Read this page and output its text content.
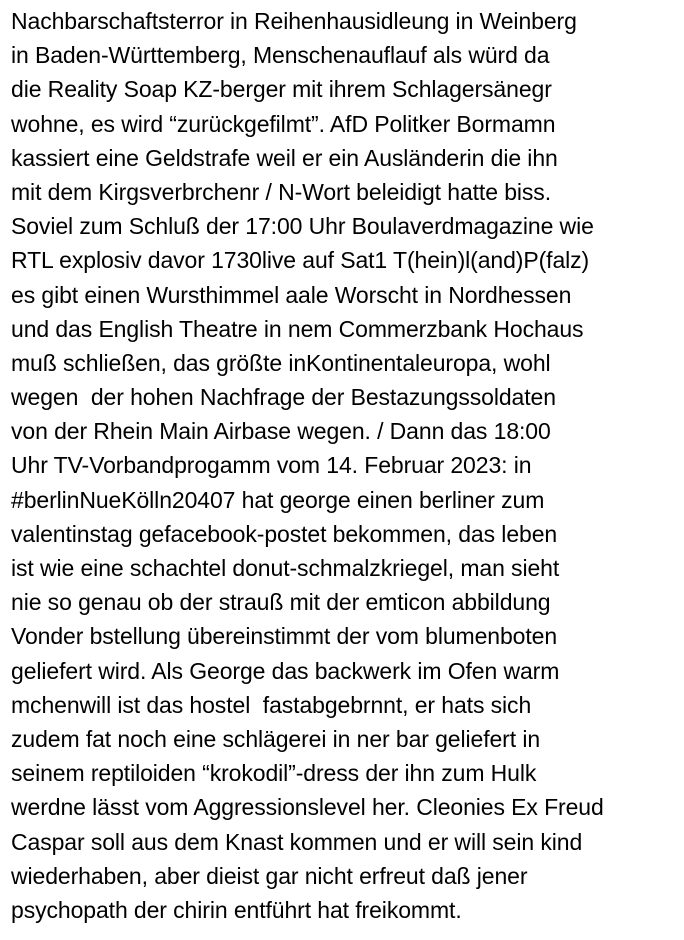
Nachbarschaftsterror in Reihenhausidleung in Weinberg
in Baden-Württemberg, Menschenauflauf als würd da
die Reality Soap KZ-berger mit ihrem Schlagersänegr
wohne, es wird “zurückgefilmt”. AfD Politker Bormamn
kassiert eine Geldstrafe weil er ein Ausländerin die ihn
mit dem Kirgsverbrchenr / N-Wort beleidigt hatte biss.
Soviel zum Schluß der 17:00 Uhr Boulaverdmagazine wie
RTL explosiv davor 1730live auf Sat1 T(hein)l(and)P(falz)
es gibt einen Wursthimmel aale Worscht in Nordhessen
und das English Theatre in nem Commerzbank Hochaus
muß schließen, das größte inKontinentaleuropa, wohl
wegen  der hohen Nachfrage der Bestazungssoldaten
von der Rhein Main Airbase wegen. / Dann das 18:00
Uhr TV-Vorbandprogamm vom 14. Februar 2023: in
#berlinNueKölln20407 hat george einen berliner zum
valentinstag gefacebook-postet bekommen, das leben
ist wie eine schachtel donut-schmalzkriegel, man sieht
nie so genau ob der strauß mit der emticon abbildung
Vonder bstellung übereinstimmt der vom blumenboten
geliefert wird. Als George das backwerk im Ofen warm
mchenwill ist das hostel  fastabgebrnnt, er hats sich
zudem fat noch eine schlägerei in ner bar geliefert in
seinem reptiloiden “krokodil”-dress der ihn zum Hulk
werdne lässt vom Aggressionslevel her. Cleonies Ex Freud
Caspar soll aus dem Knast kommen und er will sein kind
wiederhaben, aber dieist gar nicht erfreut daß jener
psychopath der chirin entführt hat freikommt.
